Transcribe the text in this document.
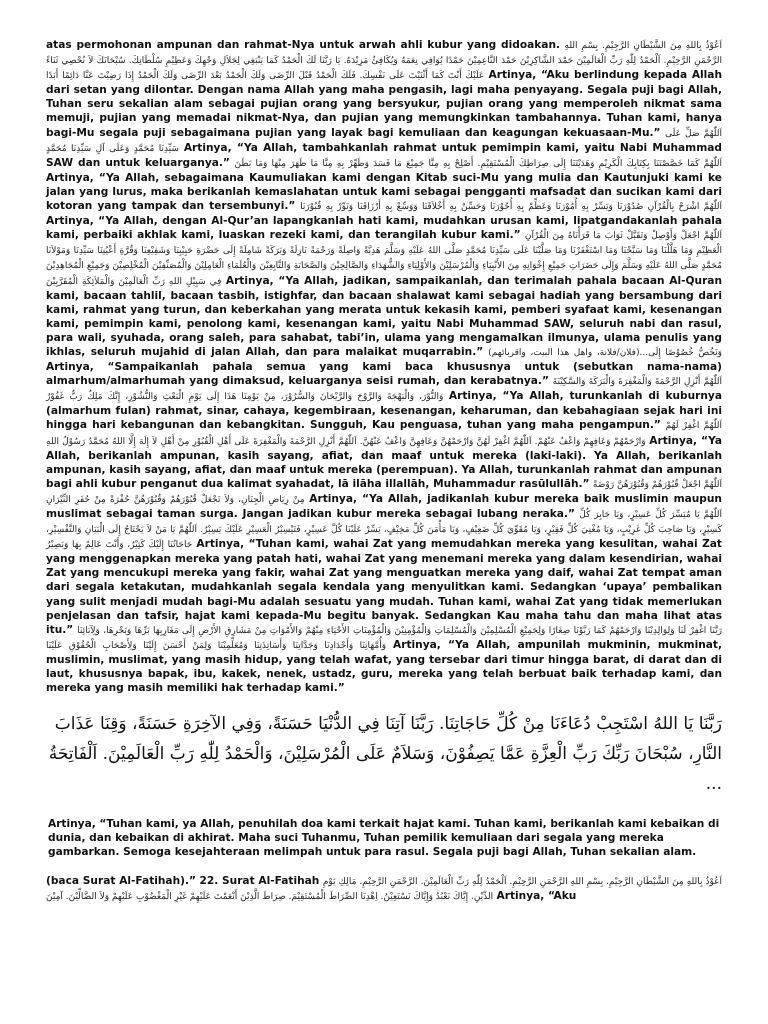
atas permohonan ampunan dan rahmat-Nya untuk arwah ahli kubur yang didoakan. اَعُوْذُ بِاللهِ مِنَ الشَّيْطَانِ الرَّجِيْمِ. بِسْمِ اللهِ الرَّحْمَنِ الرَّحِيْمِ. اَلْحَمْدُ لِلّٰهِ رَبِّ الْعَالَمِيْنَ حَمْدَ الشَّاكِرِيْنَ حَمْدَ النَّاعِمِيْنَ حَمْدًا يُوَافِي نِعَمَهُ وَيُكَافِئُ مَزِيْدَهُ. يَا رَبَّنَا لَكَ الْحَمْدُ كَمَا يَنْبَغِي لِجَلاَلِ وَجْهِكَ وَعَظِيْمِ سُلْطَانِكَ. سُبْحَانَكَ لاَ نُحْصِي ثَنَاءً عَلَيْكَ أَنْتَ كَمَا أَثْنَيْتَ عَلَى نَفْسِكَ. فَلَكَ الْحَمْدُ قَبْلَ الرِّضَى وَلَكَ الْحَمْدُ بَعْدَ الرِّضَى وَلَكَ الْحَمْدُ إِذَا رَضِيْتَ عَنَّا دَائِمًا أَبَدًا Artinya, “Aku berlindung kepada Allah dari setan yang dilontar. Dengan nama Allah yang maha pengasih, lagi maha penyayang. Segala puji bagi Allah, Tuhan seru sekalian alam sebagai pujian orang yang bersyukur, pujian orang yang memperoleh nikmat sama memuji, pujian yang memadai nikmat-Nya, dan pujian yang memungkinkan tambahannya. Tuhan kami, hanya bagi-Mu segala puji sebagaimana pujian yang layak bagi kemuliaan dan keagungan kekuasaan-Mu.” اَللّٰهُمَّ صَلِّ عَلَى سَيِّدِنَا مُحَمَّدٍ وَعَلَى آلِ سَيِّدِنَا مُحَمَّدٍ Artinya, “Ya Allah, tambahkanlah rahmat untuk pemimpin kami, yaitu Nabi Muhammad SAW dan untuk keluarganya.” اَللّٰهُمَّ كَمَا خَصَّصْتَنَا بِكِتَابِكَ الْكَرِيْمِ وَهَدَيْتَنَا إِلَى صِرَاطِكَ الْمُسْتَقِيْمِ. أَصْلِحْ بِهِ مِنَّا جَمِيْعَ مَا فَسَدَ وَطَهِّرْ بِهِ مِنَّا مَا ظَهَرَ مِنْهَا وَمَا بَطَنَ Artinya, “Ya Allah, sebagaimana Kaumuliakan kami dengan Kitab suci-Mu yang mulia dan Kautunjuki kami ke jalan yang lurus, maka berikanlah kemaslahatan untuk kami sebagai pengganti mafsadat dan sucikan kami dari kotoran yang tampak dan tersembunyi.” اَللّٰهُمَّ اشْرَحْ بِالْقُرْآنِ صُدُوْرَنَا وَيَسِّرْ بِهِ أُمُوْرَنَا وَعَظِّمْ بِهِ أُجُوْرَنَا وَحَسِّنْ بِهِ أَخْلاَقَنَا وَوَسِّعْ بِهِ أَرْزَاقَنَا وَنَوِّرْ بِهِ قُبُوْرَنَا Artinya, “Ya Allah, dengan Al-Qur’an lapangkanlah hati kami, mudahkan urusan kami, lipatgandakanlah pahala kami, perbaiki akhlak kami, luaskan rezeki kami, dan terangilah kubur kami.” اَللّٰهُمَّ اجْعَلْ وَأَوْصِلْ وَتَقَبَّلْ ثَوَابَ مَا قَرَأْنَاهُ مِنَ الْقُرْآنِ الْعَظِيْمِ وَمَا هَلَّلْنَا وَمَا سَبَّحْنَا وَمَا اسْتَغْفَرْنَا وَمَا صَلَّيْنَا عَلَى سَيِّدِنَا مُحَمَّدٍ صَلَّى اللهُ عَلَيْهِ وَسَلَّمَ هَدِيَّةً وَاصِلَةً وَرَحْمَةً نَازِلَةً وَبَرَكَةً شَامِلَةً إِلَى حَضْرَةِ حَبِيْبِنَا وَشَفِيْعِنَا وَقُرَّةِ أَعْيُنِنَا سَيِّدِنَا وَمَوْلاَنَا مُحَمَّدٍ صَلَّى اللهُ عَلَيْهِ وَسَلَّمَ وَإِلَى حَضَرَاتِ جَمِيْعِ إِخْوَانِهِ مِنَ الأَنْبِيَاءِ وَالْمُرْسَلِيْنَ وَالأَوْلِيَاءِ وَالشُّهَدَاءِ وَالصَّالِحِيْنَ وَالصَّحَابَةِ وَالتَّابِعِيْنَ وَالْعُلَمَاءِ الْعَامِلِيْنَ وَالْمُصَنِّفِيْنَ الْمُخْلِصِيْنَ وَجَمِيْعِ الْمُجَاهِدِيْنَ فِي سَبِيْلِ اللهِ رَبِّ الْعَالَمِيْنَ وَالْمَلاَئِكَةِ الْمُقَرَّبِيْنَ Artinya, “Ya Allah, jadikan, sampaikanlah, dan terimalah pahala bacaan Al-Quran kami, bacaan tahlil, bacaan tasbih, istighfar, dan bacaan shalawat kami sebagai hadiah yang bersambung dari kami, rahmat yang turun, dan keberkahan yang merata untuk kekasih kami, pemberi syafaat kami, kesenangan kami, pemimpin kami, penolong kami, kesenangan kami, yaitu Nabi Muhammad SAW, seluruh nabi dan rasul, para wali, syuhada, orang saleh, para sahabat, tabi’in, ulama yang mengamalkan ilmunya, ulama penulis yang ikhlas, seluruh mujahid di jalan Allah, dan para malaikat muqarrabin.” وَنَخُصُّ خُصُوْصًا إِلَى...(فلان/فلانة، واهل هذا البيت، واقربائهم) Artinya, “Sampaikanlah pahala semua yang kami baca khususnya untuk (sebutkan nama-nama) almarhum/almarhumah yang dimaksud, keluarganya seisi rumah, dan kerabatnya.” اَللّٰهُمَّ أَنْزِلِ الرَّحْمَةَ وَالْمَغْفِرَةَ وَالْبَرَكَةَ وَالسَّكِيْنَةَ وَالنُّوْرَ، وَالْبَهْجَةَ وَالرَّوْحَ وَالرَّيْحَانَ وَالسُّرُوْرَ، مِنْ يَوْمِنَا هَذَا إِلَى يَوْمِ الْبَعْثِ وَالنُّشُوْرِ، إِنَّكَ مَلِكٌ رَبٌّ غَفُوْرٌ Artinya, “Ya Allah, turunkanlah di kuburnya (almarhum fulan) rahmat, sinar, cahaya, kegembiraan, kesenangan, keharuman, dan kebahagiaan sejak hari ini hingga hari kebangunan dan kebangkitan. Sungguh, Kau penguasa, tuhan yang maha pengampun.” اَللّٰهُمَّ اغْفِرْ لَهُمْ وَارْحَمْهُمْ وَعَافِهِمْ وَاعْفُ عَنْهُمْ. اَللّٰهُمَّ اغْفِرْ لَهُنَّ وَارْحَمْهُنَّ وَعَافِهِنَّ وَاعْفُ عَنْهُنَّ. اَللّٰهُمَّ أَنْزِلِ الرَّحْمَةَ وَالْمَغْفِرَةَ عَلَى أَهْلِ الْقُبُوْرِ مِنْ أَهْلِ لاَ إِلَهَ إِلَّا اللهُ مُحَمَّدٌ رَسُوْلُ اللهِ Artinya, “Ya Allah, berikanlah ampunan, kasih sayang, afiat, dan maaf untuk mereka (laki-laki). Ya Allah, berikanlah ampunan, kasih sayang, afiat, dan maaf untuk mereka (perempuan). Ya Allah, turunkanlah rahmat dan ampunan bagi ahli kubur penganut dua kalimat syahadat, lā ilāha illallāh, Muhammadur rasūlullāh.” اَللّٰهُمَّ اجْعَلْ قُبُوْرَهُمْ وَقُبُوْرَهُنَّ رَوْضَةً مِنْ رِيَاضِ الْجِنَانِ، وَلاَ تَجْعَلْ قُبُوْرَهُمْ وَقُبُوْرَهُنَّ حُفْرَةً مِنْ حُفَرِ النِّيْرَانِ Artinya, “Ya Allah, jadikanlah kubur mereka baik muslimin maupun muslimat sebagai taman surga. Jangan jadikan kubur mereka sebagai lubang neraka.” اَللّٰهُمَّ يَا مُيَسِّرَ كُلِّ عَسِيْرٍ، وَيَا جَابِرَ كُلِّ كَسِيْرٍ، وَيَا صَاحِبَ كُلِّ غَرِيْبٍ، وَيَا مُغْنِيَ كُلِّ فَقِيْرٍ، وَيَا مُقَوِّيَ كُلِّ ضَعِيْفٍ، وَيَا مَأْمَنَ كُلِّ مَخِيْفٍ، يَسِّرْ عَلَيْنَا كُلَّ عَسِيْرٍ، فَتَيْسِيْرُ الْعَسِيْرِ عَلَيْكَ يَسِيْرٌ. اَللّٰهُمَّ يَا مَنْ لاَ يَحْتَاجُ إِلَى الْبَيَانِ وَالتَّفْسِيْرِ، حَاجَاتُنَا إِلَيْكَ كَثِيْرٌ، وَأَنْتَ عَالِمٌ بِهَا وَبَصِيْرٌ Artinya, “Tuhan kami, wahai Zat yang memudahkan mereka yang kesulitan, wahai Zat yang menggenapkan mereka yang patah hati, wahai Zat yang menemani mereka yang dalam kesendirian, wahai Zat yang mencukupi mereka yang fakir, wahai Zat yang menguatkan mereka yang daif, wahai Zat tempat aman dari segala ketakutan, mudahkanlah segala kendala yang menyulitkan kami. Sedangkan ‘upaya’ pembalikan yang sulit menjadi mudah bagi-Mu adalah sesuatu yang mudah. Tuhan kami, wahai Zat yang tidak memerlukan penjelasan dan tafsir, hajat kami kepada-Mu begitu banyak. Sedangkan Kau maha tahu dan maha lihat atas itu.” رَبَّنَا اغْفِرْ لَنَا وَلِوَالِدِيْنَا وَارْحَمْهُمْ كَمَا رَبَّوْنَا صِغَارًا وَلِجَمِيْعِ الْمُسْلِمِيْنَ وَالْمُسْلِمَاتِ وَالْمُؤْمِنِيْنَ وَالْمُؤْمِنَاتِ الأَحْيَاءِ مِنْهُمْ وَالأَمْوَاتِ مِنْ مَشَارِقِ الأَرْضِ إِلَى مَغَارِبِهَا بَرِّهَا وَبَحْرِهَا، وَلِآبَائِنَا وَأُمَّهَاتِنَا وَأَجْدَادِنَا وَجَدَّاتِنَا وَأَسَاتِذَتِنَا وَمُعَلِّمِيْنَا وَلِمَنْ أَحْسَنَ إِلَيْنَا وَلِأَصْحَابِ الْحُقُوْقِ عَلَيْنَا Artinya, “Ya Allah, ampunilah mukminin, mukminat, muslimin, muslimat, yang masih hidup, yang telah wafat, yang tersebar dari timur hingga barat, di darat dan di laut, khususnya bapak, ibu, kakek, nenek, ustadz, guru, mereka yang telah berbuat baik terhadap kami, dan mereka yang masih memiliki hak terhadap kami.”
رَبَّنَا يَا اللهُ اسْتَجِبْ دُعَاءَنَا مِنْ كُلِّ حَاجَاتِنَا. رَبَّنَا آتِنَا فِي الدُّنْيَا حَسَنَةً، وَفِي الآخِرَةِ حَسَنَةً، وَقِنَا عَذَابَ النَّارِ، سُبْحَانَ رَبِّكَ رَبِّ الْعِزَّةِ عَمَّا يَصِفُوْنَ، وَسَلاَمٌ عَلَى الْمُرْسَلِيْنَ، وَالْحَمْدُ لِلّٰهِ رَبِّ الْعَالَمِيْنَ. اَلْفَاتِحَةُ ...
Artinya, “Tuhan kami, ya Allah, penuhilah doa kami terkait hajat kami. Tuhan kami, berikanlah kami kebaikan di dunia, dan kebaikan di akhirat. Maha suci Tuhanmu, Tuhan pemilik kemuliaan dari segala yang mereka gambarkan. Semoga kesejahteraan melimpah untuk para rasul. Segala puji bagi Allah, Tuhan sekalian alam.
(baca Surat Al-Fatihah).” 22. Surat Al-Fatihah اَعُوْذُ بِاللهِ مِنَ الشَّيْطَانِ الرَّجِيْمِ. بِسْمِ اللهِ الرَّحْمَنِ الرَّحِيْمِ. اَلْحَمْدُ لِلّٰهِ رَبِّ الْعَالَمِيْنَ. الرَّحْمَنِ الرَّحِيْمِ. مَالِكِ يَوْمِ الدِّيْنِ. إِيَّاكَ نَعْبُدُ وَإِيَّاكَ نَسْتَعِيْنُ. اِهْدِنَا الصِّرَاطَ الْمُسْتَقِيْمَ. صِرَاطَ الَّذِيْنَ أَنْعَمْتَ عَلَيْهِمْ غَيْرِ الْمَغْضُوْبِ عَلَيْهِمْ وَلاَ الضَّالِّيْنَ. آمِيْنَ Artinya, “Aku
